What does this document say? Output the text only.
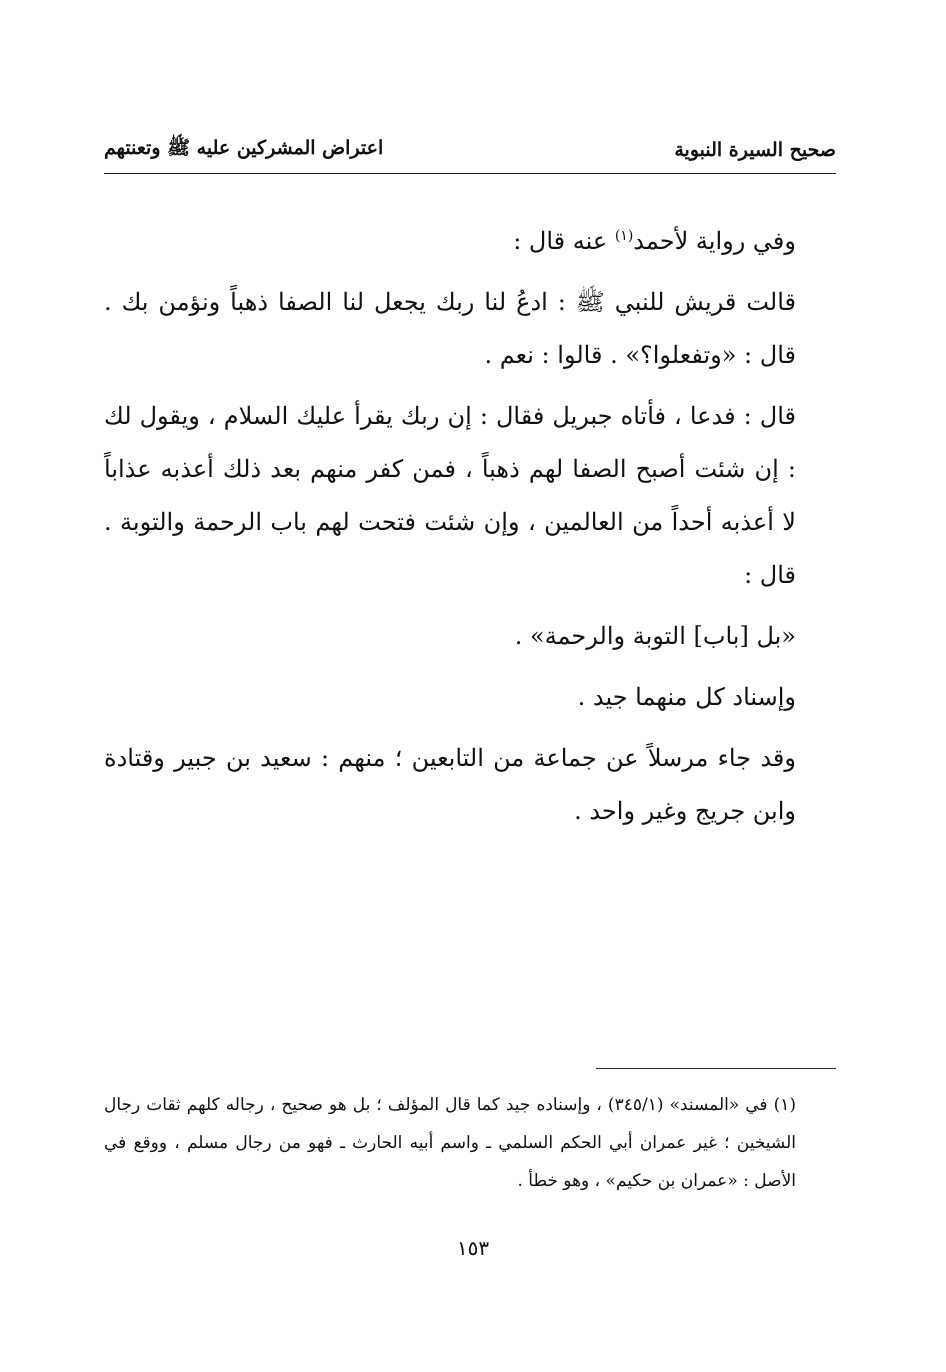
صحيح السيرة النبوية
اعتراض المشركين عليه ﷺ وتعنتهم

وفي رواية لأحمد$^{(١)}$ عنه قال :

قالت قريش للنبي ﷺ : ادعُ لنا ربك يجعل لنا الصفا ذهباً ونؤمن بك . قال : «وتفعلوا؟» . قالوا : نعم .

قال : فدعا ، فأتاه جبريل فقال : إن ربك يقرأ عليك السلام ، ويقول لك : إن شئت أصبح الصفا لهم ذهباً ، فمن كفر منهم بعد ذلك أعذبه عذاباً لا أعذبه أحداً من العالمين ، وإن شئت فتحت لهم باب الرحمة والتوبة . قال :

«بل [باب] التوبة والرحمة» .

وإسناد كل منهما جيد .

وقد جاء مرسلاً عن جماعة من التابعين ؛ منهم : سعيد بن جبير وقتادة وابن جريج وغير واحد .

(١) في «المسند» (٣٤٥/١) ، وإسناده جيد كما قال المؤلف ؛ بل هو صحيح ، رجاله كلهم ثقات رجال الشيخين ؛ غير عمران أبي الحكم السلمي ـ واسم أبيه الحارث ـ فهو من رجال مسلم ، ووقع في الأصل : «عمران بن حكيم» ، وهو خطأ .

١٥٣
